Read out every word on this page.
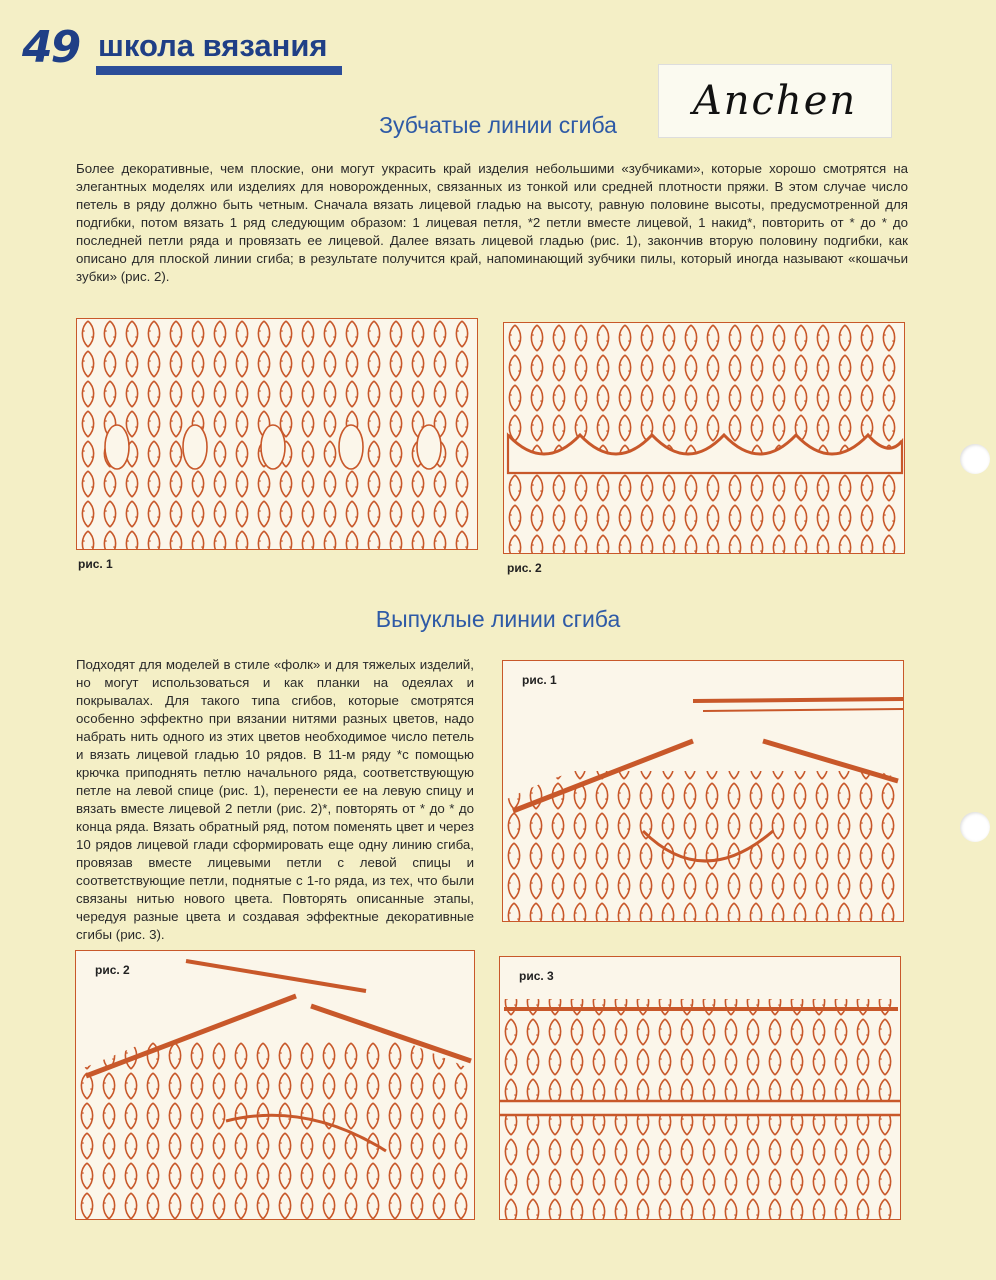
49 школа вязания
Anchen
Зубчатые линии сгиба

Более декоративные, чем плоские, они могут украсить край изделия небольшими «зубчиками», которые хорошо смотрятся на элегантных моделях или изделиях для новорожденных, связанных из тонкой или средней плотности пряжи. В этом случае число петель в ряду должно быть четным. Сначала вязать лицевой гладью на высоту, равную половине высоты, предусмотренной для подгибки, потом вязать 1 ряд следующим образом: 1 лицевая петля, *2 петли вместе лицевой, 1 накид*, повторить от * до * до последней петли ряда и провязать ее лицевой. Далее вязать лицевой гладью (рис. 1), закончив вторую половину подгибки, как описано для плоской линии сгиба; в результате получится край, напоминающий зубчики пилы, который иногда называют «кошачьи зубки» (рис. 2).

рис. 1	рис. 2
Выпуклые линии сгиба

Подходят для моделей в стиле «фолк» и для тяжелых изделий, но могут использоваться и как планки на одеялах и покрывалах. Для такого типа сгибов, которые смотрятся особенно эффектно при вязании нитями разных цветов, надо набрать нить одного из этих цветов необходимое число петель и вязать лицевой гладью 10 рядов. В 11-м ряду *с помощью крючка приподнять петлю начального ряда, соответствующую петле на левой спице (рис. 1), перенести ее на левую спицу и вязать вместе лицевой 2 петли (рис. 2)*, повторять от * до * до конца ряда. Вязать обратный ряд, потом поменять цвет и через 10 рядов лицевой глади сформировать еще одну линию сгиба, провязав вместе лицевыми петли с левой спицы и соответствующие петли, поднятые с 1-го ряда, из тех, что были связаны нитью нового цвета. Повторять описанные этапы, чередуя разные цвета и создавая эффектные декоративные сгибы (рис. 3).

рис. 1
рис. 2	рис. 3
